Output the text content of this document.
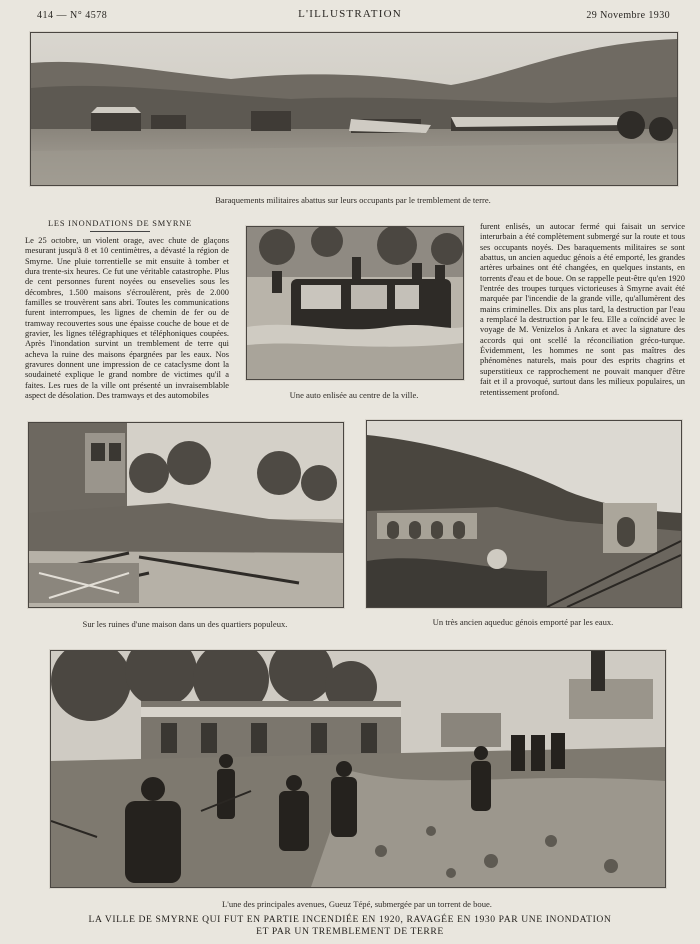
414 — N° 4578	L'ILLUSTRATION	29 Novembre 1930
Baraquements militaires abattus sur leurs occupants par le tremblement de terre.
LES INONDATIONS DE SMYRNE
Le 25 octobre, un violent orage, avec chute de glaçons mesurant jusqu'à 8 et 10 centimètres, a dévasté la région de Smyrne. Une pluie torrentielle se mit ensuite à tomber et dura trente-six heures. Ce fut une véritable catastrophe. Plus de cent personnes furent noyées ou ensevelies sous les décombres, 1.500 maisons s'écroulèrent, près de 2.000 familles se trouvèrent sans abri. Toutes les communications furent interrompues, les lignes de chemin de fer ou de tramway recouvertes sous une épaisse couche de boue et de gravier, les lignes télégraphiques et téléphoniques coupées. Après l'inondation survint un tremblement de terre qui acheva la ruine des maisons épargnées par les eaux. Nos gravures donnent une impression de ce cataclysme dont la soudaineté explique le grand nombre de victimes qu'il a faites. Les rues de la ville ont présenté un invraisemblable aspect de désolation. Des tramways et des automobiles	Une auto enlisée au centre de la ville.
furent enlisés, un autocar fermé qui faisait un service interurbain a été complètement submergé sur la route et tous ses occupants noyés. Des baraquements militaires se sont abattus, un ancien aqueduc génois a été emporté, les grandes artères urbaines ont été changées, en quelques instants, en torrents d'eau et de boue. On se rappelle peut-être qu'en 1920 l'entrée des troupes turques victorieuses à Smyrne avait été marquée par l'incendie de la grande ville, qu'allumèrent des mains criminelles. Dix ans plus tard, la destruction par l'eau a remplacé la destruction par le feu. Elle a coïncidé avec le voyage de M. Venizelos à Ankara et avec la signature des accords qui ont scellé la réconciliation gréco-turque. Évidemment, les hommes ne sont pas maîtres des phénomènes naturels, mais pour des esprits chagrins et superstitieux ce rapprochement ne pouvait manquer d'être fait et il a provoqué, surtout dans les milieux populaires, un retentissement profond.
Sur les ruines d'une maison dans un des quartiers populeux.	Un très ancien aqueduc génois emporté par les eaux.
L'une des principales avenues, Gueuz Tépé, submergée par un torrent de boue.
LA VILLE DE SMYRNE QUI FUT EN PARTIE INCENDIÉE EN 1920, RAVAGÉE EN 1930 PAR UNE INONDATION
ET PAR UN TREMBLEMENT DE TERRE
